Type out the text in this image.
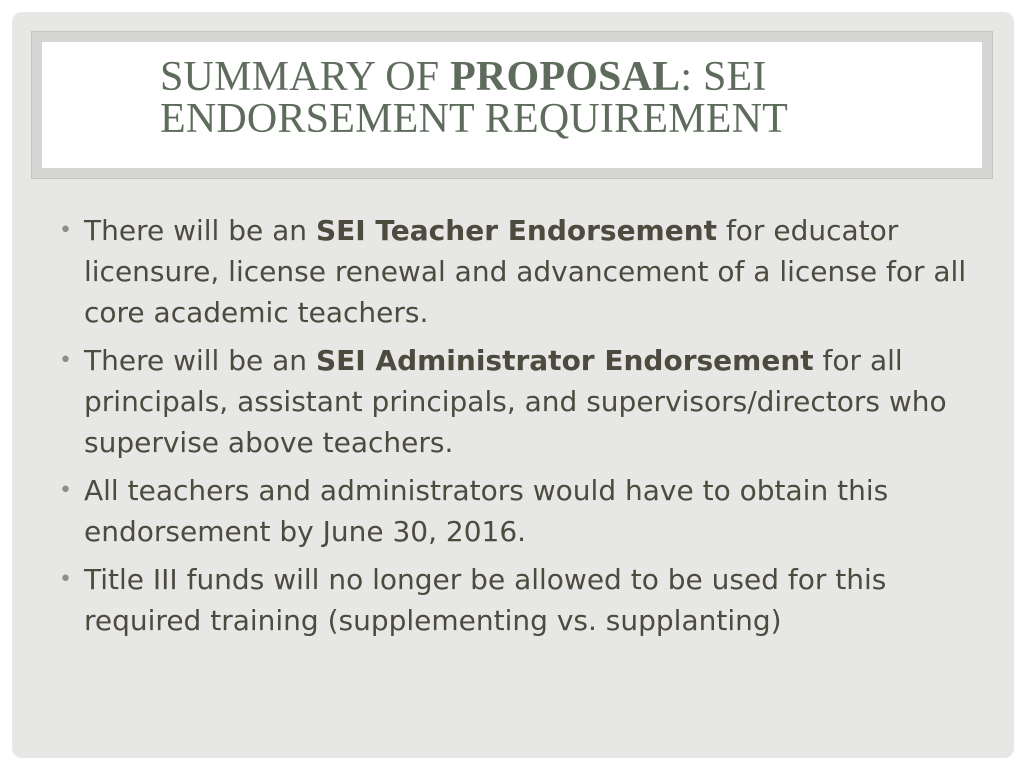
SUMMARY OF PROPOSAL: SEI ENDORSEMENT REQUIREMENT
• There will be an SEI Teacher Endorsement for educator licensure, license renewal and advancement of a license for all core academic teachers.
• There will be an SEI Administrator Endorsement for all principals, assistant principals, and supervisors/directors who supervise above teachers.
• All teachers and administrators would have to obtain this endorsement by June 30, 2016.
• Title III funds will no longer be allowed to be used for this required training (supplementing vs. supplanting)
